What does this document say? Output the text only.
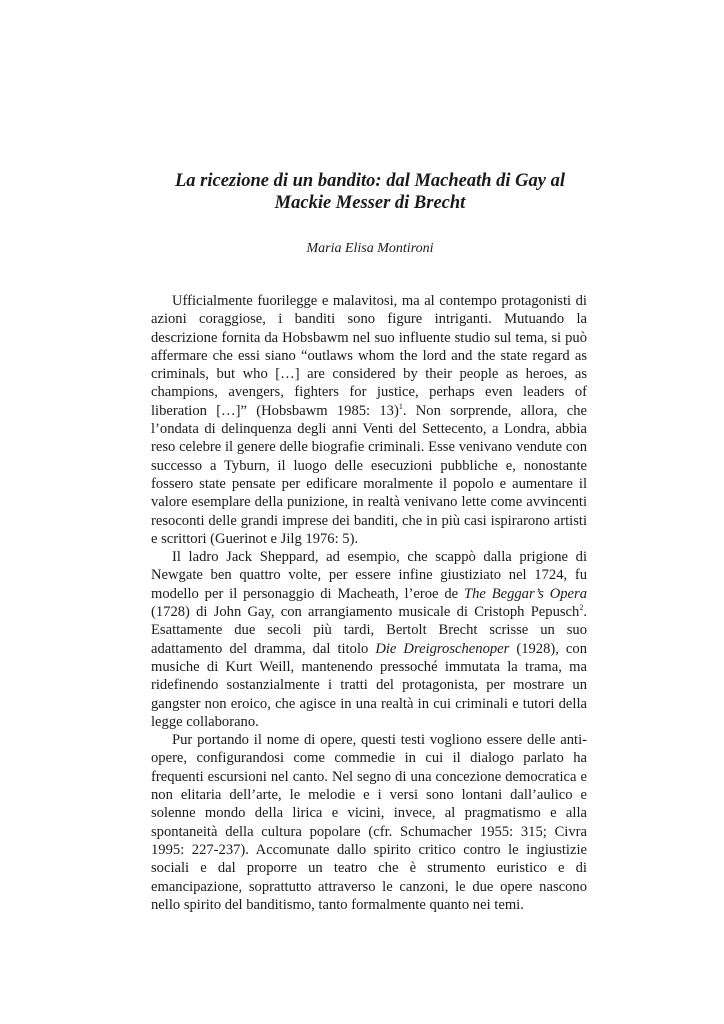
La ricezione di un bandito: dal Macheath di Gay al
Mackie Messer di Brecht

Maria Elisa Montironi

Ufficialmente fuorilegge e malavitosi, ma al contempo protagonisti di azioni coraggiose, i banditi sono figure intriganti. Mutuando la descrizione fornita da Hobsbawm nel suo influente studio sul tema, si può affermare che essi siano “outlaws whom the lord and the state regard as criminals, but who […] are considered by their people as heroes, as champions, avengers, fighters for justice, perhaps even leaders of liberation […]” (Hobsbawm 1985: 13)$^1$. Non sorprende, allora, che l’ondata di delinquenza degli anni Venti del Settecento, a Londra, abbia reso celebre il genere delle biografie criminali. Esse venivano vendute con successo a Tyburn, il luogo delle esecuzioni pubbliche e, nonostante fossero state pensate per edificare moralmente il popolo e aumentare il valore esemplare della punizione, in realtà venivano lette come avvincenti resoconti delle grandi imprese dei banditi, che in più casi ispirarono artisti e scrittori (Guerinot e Jilg 1976: 5).

Il ladro Jack Sheppard, ad esempio, che scappò dalla prigione di Newgate ben quattro volte, per essere infine giustiziato nel 1724, fu modello per il personaggio di Macheath, l’eroe de The Beggar’s Opera (1728) di John Gay, con arrangiamento musicale di Cristoph Pepusch$^2$. Esattamente due secoli più tardi, Bertolt Brecht scrisse un suo adattamento del dramma, dal titolo Die Dreigroschenoper (1928), con musiche di Kurt Weill, mantenendo pressoché immutata la trama, ma ridefinendo sostanzialmente i tratti del protagonista, per mostrare un gangster non eroico, che agisce in una realtà in cui criminali e tutori della legge collaborano.

Pur portando il nome di opere, questi testi vogliono essere delle anti-opere, configurandosi come commedie in cui il dialogo parlato ha frequenti escursioni nel canto. Nel segno di una concezione democratica e non elitaria dell’arte, le melodie e i versi sono lontani dall’aulico e solenne mondo della lirica e vicini, invece, al pragmatismo e alla spontaneità della cultura popolare (cfr. Schumacher 1955: 315; Civra 1995: 227-237). Accomunate dallo spirito critico contro le ingiustizie sociali e dal proporre un teatro che è strumento euristico e di emancipazione, soprattutto attraverso le canzoni, le due opere nascono nello spirito del banditismo, tanto formalmente quanto nei temi.
